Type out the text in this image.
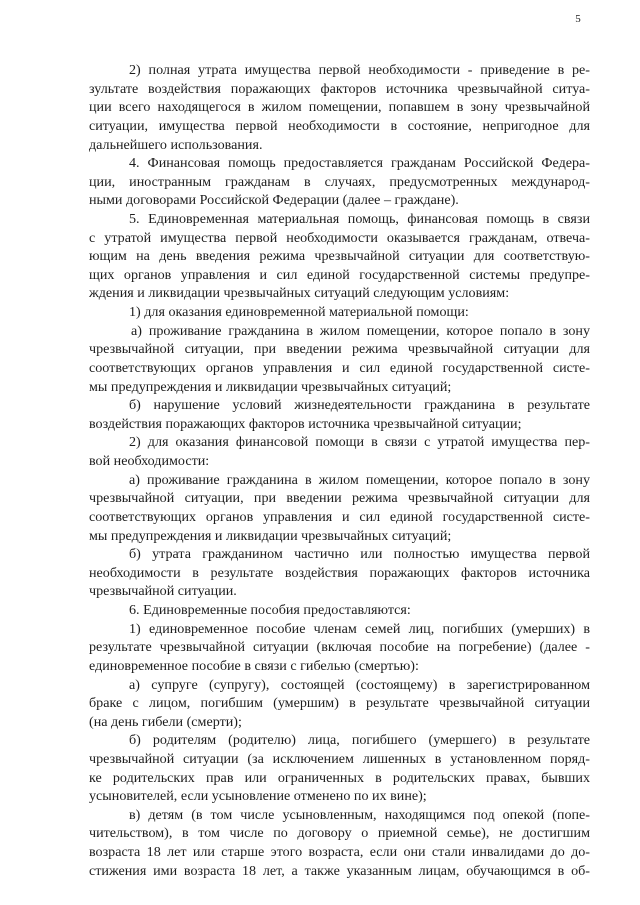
5
2) полная утрата имущества первой необходимости - приведение в ре-
зультате воздействия поражающих факторов источника чрезвычайной ситуа-
ции всего находящегося в жилом помещении, попавшем в зону чрезвычайной
ситуации, имущества первой необходимости в состояние, непригодное для
дальнейшего использования.
4. Финансовая помощь предоставляется гражданам Российской Федера-
ции, иностранным гражданам в случаях, предусмотренных международ-
ными договорами Российской Федерации (далее – граждане).
5. Единовременная материальная помощь, финансовая помощь в связи
с утратой имущества первой необходимости оказывается гражданам, отвеча-
ющим на день введения режима чрезвычайной ситуации для соответствую-
щих органов управления и сил единой государственной системы предупре-
ждения и ликвидации чрезвычайных ситуаций следующим условиям:
1) для оказания единовременной материальной помощи:
а) проживание гражданина в жилом помещении, которое попало в зону
чрезвычайной ситуации, при введении режима чрезвычайной ситуации для
соответствующих органов управления и сил единой государственной систе-
мы предупреждения и ликвидации чрезвычайных ситуаций;
б) нарушение условий жизнедеятельности гражданина в результате
воздействия поражающих факторов источника чрезвычайной ситуации;
2) для оказания финансовой помощи в связи с утратой имущества пер-
вой необходимости:
а) проживание гражданина в жилом помещении, которое попало в зону
чрезвычайной ситуации, при введении режима чрезвычайной ситуации для
соответствующих органов управления и сил единой государственной систе-
мы предупреждения и ликвидации чрезвычайных ситуаций;
б) утрата гражданином частично или полностью имущества первой
необходимости в результате воздействия поражающих факторов источника
чрезвычайной ситуации.
6. Единовременные пособия предоставляются:
1) единовременное пособие членам семей лиц, погибших (умерших) в
результате чрезвычайной ситуации (включая пособие на погребение) (далее -
единовременное пособие в связи с гибелью (смертью):
а) супруге (супругу), состоящей (состоящему) в зарегистрированном
браке с лицом, погибшим (умершим) в результате чрезвычайной ситуации
(на день гибели (смерти);
б) родителям (родителю) лица, погибшего (умершего) в результате
чрезвычайной ситуации (за исключением лишенных в установленном поряд-
ке родительских прав или ограниченных в родительских правах, бывших
усыновителей, если усыновление отменено по их вине);
в) детям (в том числе усыновленным, находящимся под опекой (попе-
чительством), в том числе по договору о приемной семье), не достигшим
возраста 18 лет или старше этого возраста, если они стали инвалидами до до-
стижения ими возраста 18 лет, а также указанным лицам, обучающимся в об-
